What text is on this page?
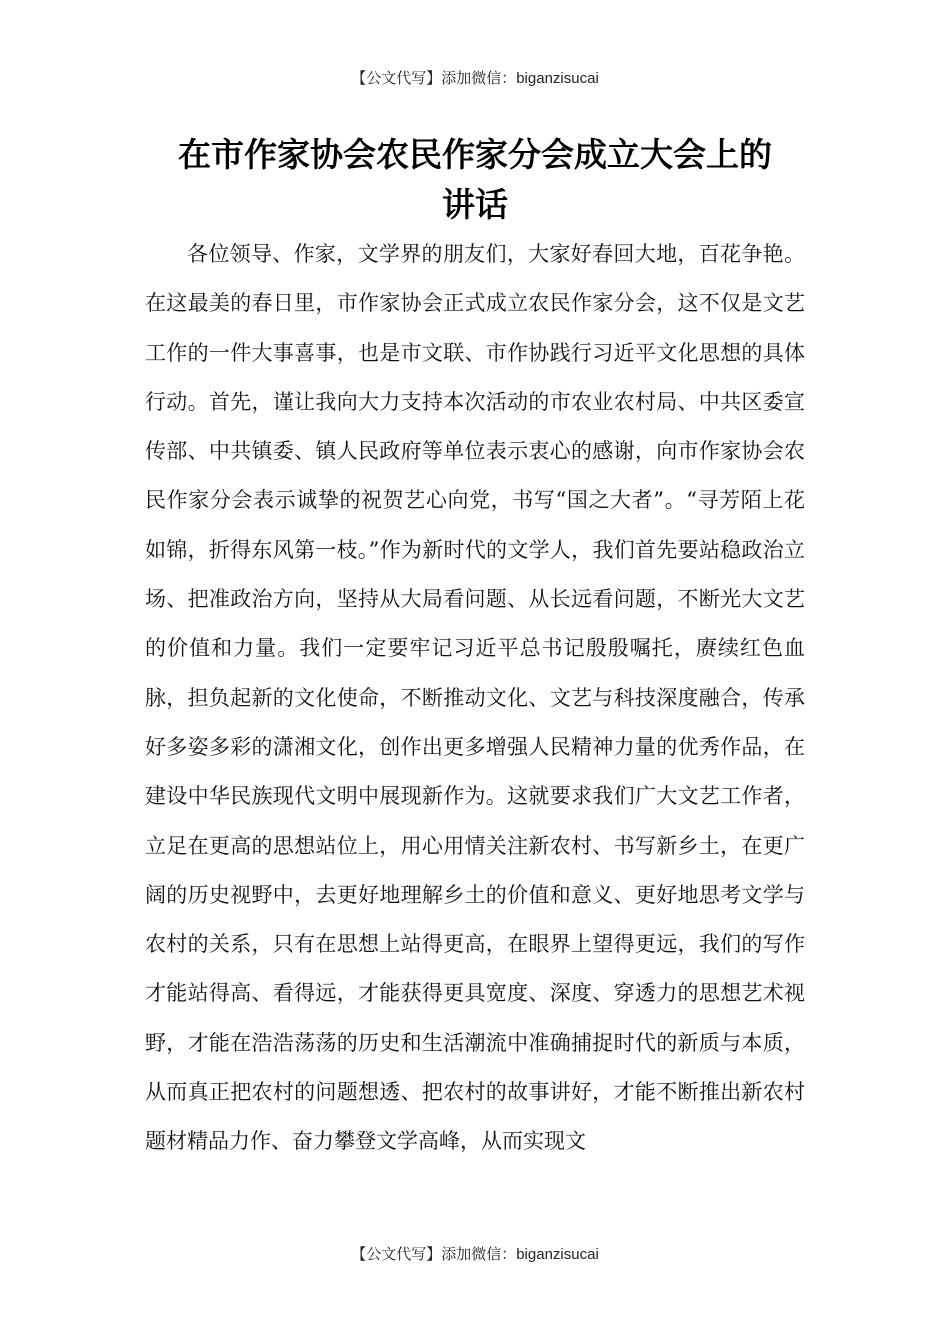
【公文代写】添加微信：biganzisucai
在市作家协会农民作家分会成立大会上的
讲话

各位领导、作家，文学界的朋友们，大家好春回大地，百花争艳。在这最美的春日里，市作家协会正式成立农民作家分会，这不仅是文艺工作的一件大事喜事，也是市文联、市作协践行习近平文化思想的具体行动。首先，谨让我向大力支持本次活动的市农业农村局、中共区委宣传部、中共镇委、镇人民政府等单位表示衷心的感谢，向市作家协会农民作家分会表示诚挚的祝贺艺心向党，书写“国之大者”。“寻芳陌上花如锦，折得东风第一枝。”作为新时代的文学人，我们首先要站稳政治立场、把准政治方向，坚持从大局看问题、从长远看问题，不断光大文艺的价值和力量。我们一定要牢记习近平总书记殷殷嘱托，赓续红色血脉，担负起新的文化使命，不断推动文化、文艺与科技深度融合，传承好多姿多彩的潇湘文化，创作出更多增强人民精神力量的优秀作品，在建设中华民族现代文明中展现新作为。这就要求我们广大文艺工作者，立足在更高的思想站位上，用心用情关注新农村、书写新乡土，在更广阔的历史视野中，去更好地理解乡土的价值和意义、更好地思考文学与农村的关系，只有在思想上站得更高，在眼界上望得更远，我们的写作才能站得高、看得远，才能获得更具宽度、深度、穿透力的思想艺术视野，才能在浩浩荡荡的历史和生活潮流中准确捕捉时代的新质与本质，从而真正把农村的问题想透、把农村的故事讲好，才能不断推出新农村题材精品力作、奋力攀登文学高峰，从而实现文

【公文代写】添加微信：biganzisucai
